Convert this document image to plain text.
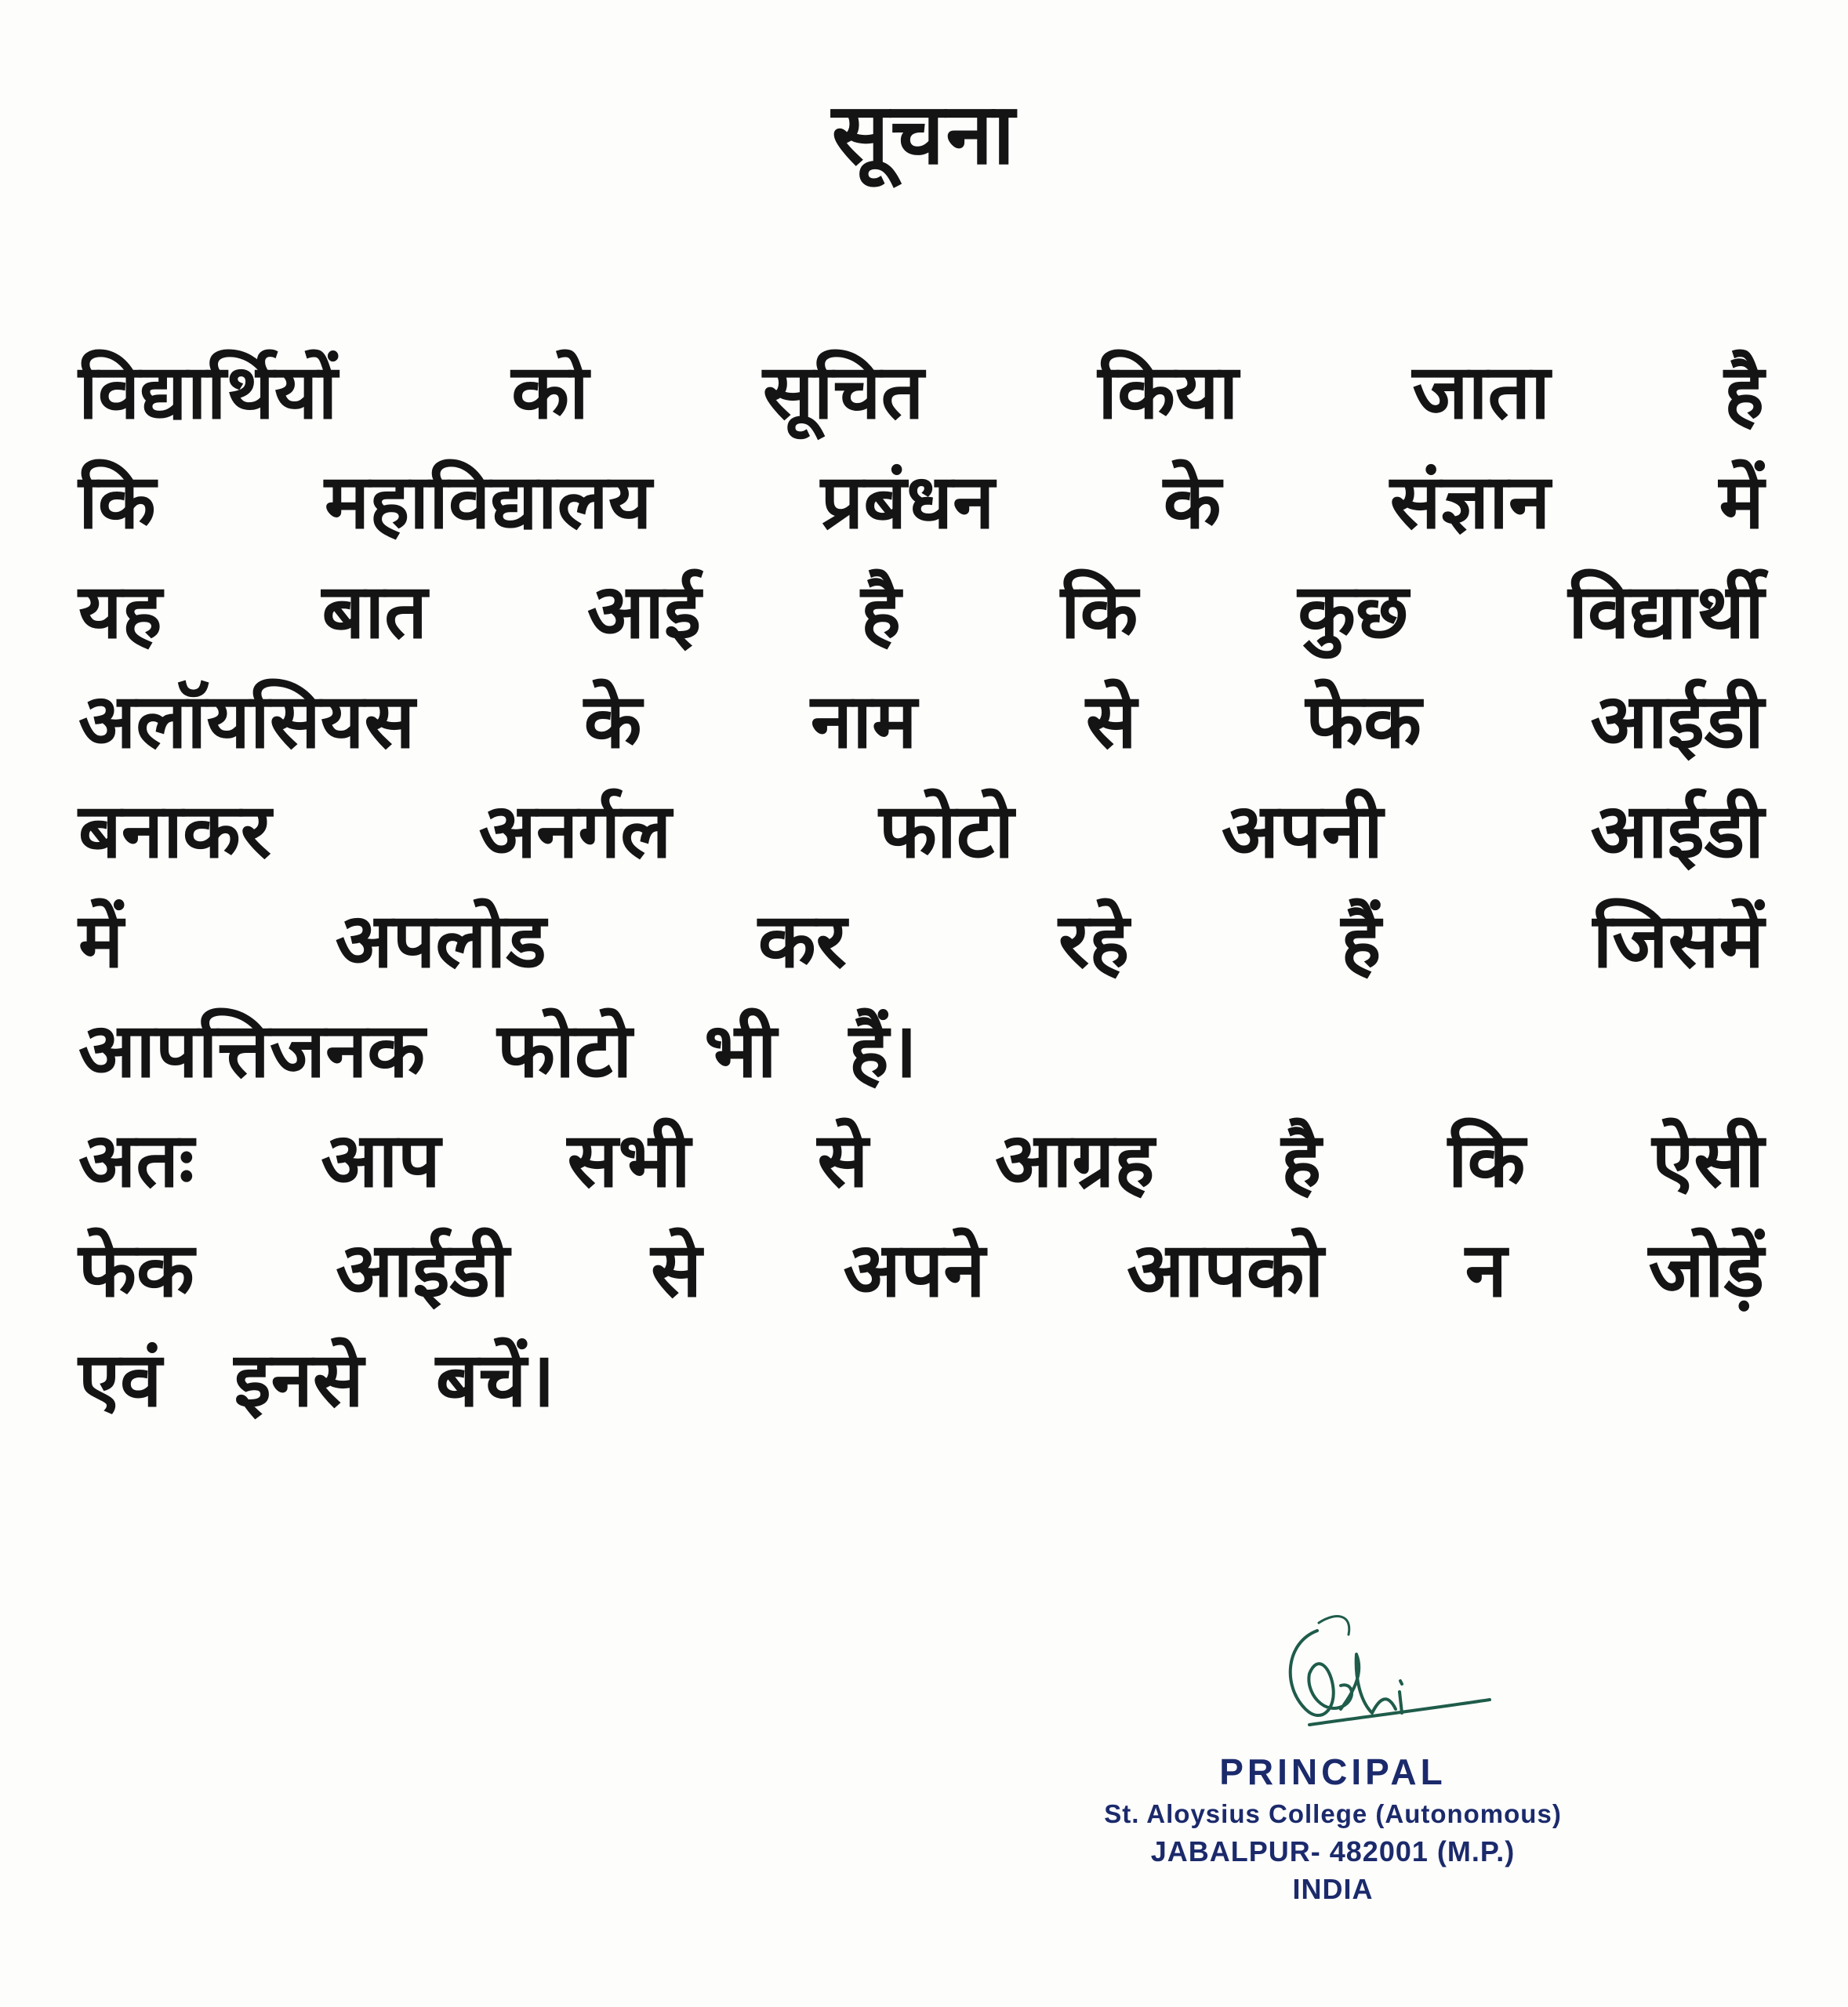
सूचना
विद्यार्थियों को सूचित किया जाता है
कि महाविद्यालय प्रबंधन के संज्ञान में
यह बात आई है कि कुछ विद्यार्थी
अलॉयसियस के नाम से फेक आईडी
बनाकर	अनर्गल	फोटो	अपनी	आईडी
में	अपलोड	कर	रहे	हैं	जिसमें
आपत्तिजनक फोटो भी हैं।
अतः आप सभी से आग्रह है कि ऐसी
फेक आईडी से अपने आपको न जोड़ें
एवं इनसे बचें।
PRINCIPAL
St. Aloysius College (Autonomous)
JABALPUR- 482001 (M.P.)
INDIA
